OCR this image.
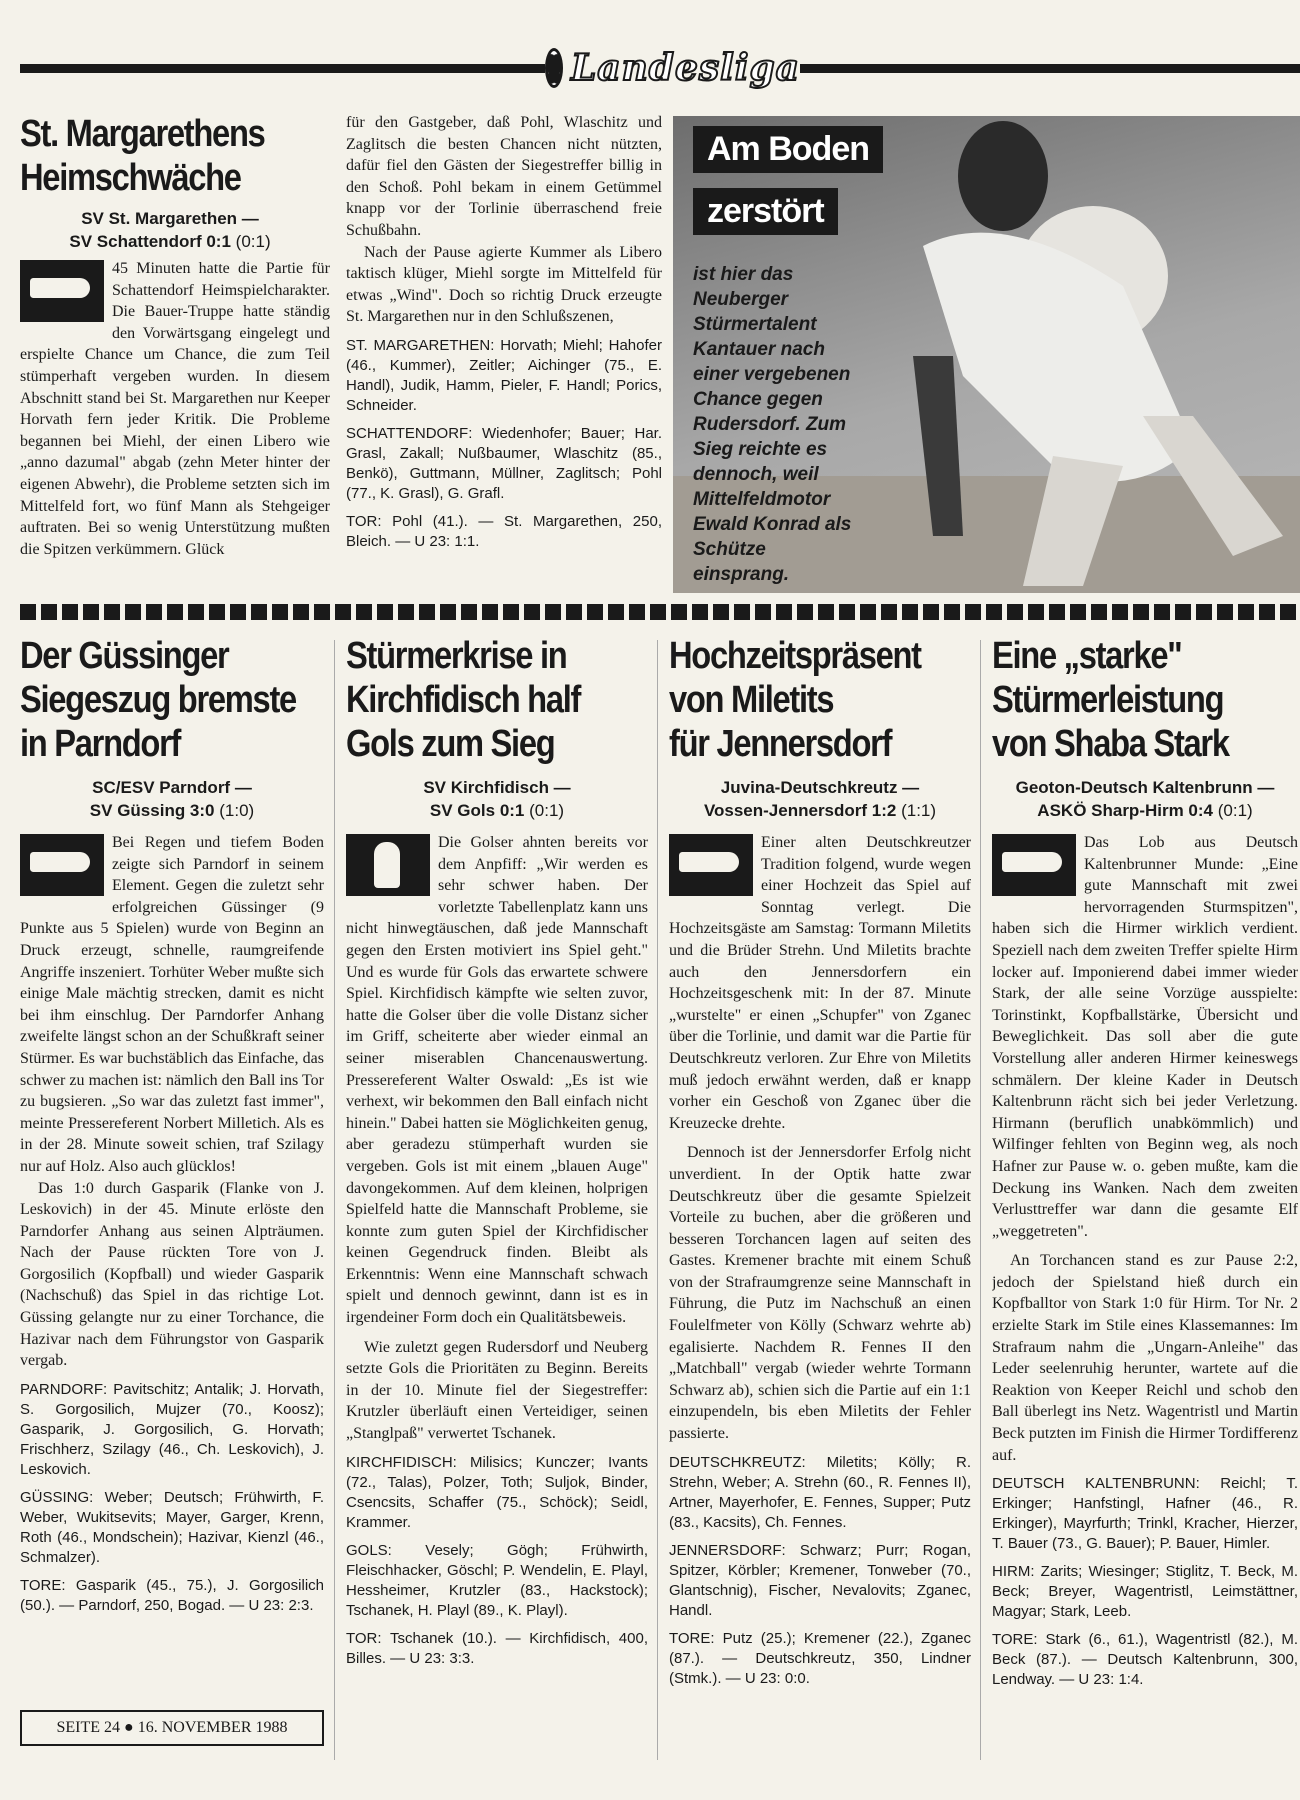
Landesliga
St. Margarethens
Heimschwäche
SV St. Margarethen —
SV Schattendorf 0:1 (0:1)

45 Minuten hatte die Partie für Schattendorf Heimspielcharakter. Die Bauer-Truppe hatte ständig den Vorwärtsgang eingelegt und erspielte Chance um Chance, die zum Teil stümperhaft vergeben wurden. In diesem Abschnitt stand bei St. Margarethen nur Keeper Horvath fern jeder Kritik. Die Probleme begannen bei Miehl, der einen Libero wie „anno dazumal" abgab (zehn Meter hinter der eigenen Abwehr), die Probleme setzten sich im Mittelfeld fort, wo fünf Mann als Stehgeiger auftraten. Bei so wenig Unterstützung mußten die Spitzen verkümmern. Glück

für den Gastgeber, daß Pohl, Wlaschitz und Zaglitsch die besten Chancen nicht nützten, dafür fiel den Gästen der Siegestreffer billig in den Schoß. Pohl bekam in einem Getümmel knapp vor der Torlinie überraschend freie Schußbahn.

Nach der Pause agierte Kummer als Libero taktisch klüger, Miehl sorgte im Mittelfeld für etwas „Wind". Doch so richtig Druck erzeugte St. Margarethen nur in den Schlußszenen,

ST. MARGARETHEN: Horvath; Miehl; Hahofer (46., Kummer), Zeitler; Aichinger (75., E. Handl), Judik, Hamm, Pieler, F. Handl; Porics, Schneider.
SCHATTENDORF: Wiedenhofer; Bauer; Har. Grasl, Zakall; Nußbaumer, Wlaschitz (85., Benkö), Guttmann, Müllner, Zaglitsch; Pohl (77., K. Grasl), G. Grafl.
TOR: Pohl (41.). — St. Margarethen, 250, Bleich. — U 23: 1:1.
Am Boden
zerstört
ist hier das Neuberger Stürmertalent Kantauer nach einer vergebenen Chance gegen Rudersdorf. Zum Sieg reichte es dennoch, weil Mittelfeldmotor Ewald Konrad als Schütze einsprang.
Der Güssinger
Siegeszug bremste
in Parndorf
SC/ESV Parndorf —
SV Güssing 3:0 (1:0)

Bei Regen und tiefem Boden zeigte sich Parndorf in seinem Element. Gegen die zuletzt sehr erfolgreichen Güssinger (9 Punkte aus 5 Spielen) wurde von Beginn an Druck erzeugt, schnelle, raumgreifende Angriffe inszeniert. Torhüter Weber mußte sich einige Male mächtig strecken, damit es nicht bei ihm einschlug. Der Parndorfer Anhang zweifelte längst schon an der Schußkraft seiner Stürmer. Es war buchstäblich das Einfache, das schwer zu machen ist: nämlich den Ball ins Tor zu bugsieren. „So war das zuletzt fast immer", meinte Pressereferent Norbert Milletich. Als es in der 28. Minute soweit schien, traf Szilagy nur auf Holz. Also auch glücklos!

Das 1:0 durch Gasparik (Flanke von J. Leskovich) in der 45. Minute erlöste den Parndorfer Anhang aus seinen Alpträumen. Nach der Pause rückten Tore von J. Gorgosilich (Kopfball) und wieder Gasparik (Nachschuß) das Spiel in das richtige Lot. Güssing gelangte nur zu einer Torchance, die Hazivar nach dem Führungstor von Gasparik vergab.

PARNDORF: Pavitschitz; Antalik; J. Horvath, S. Gorgosilich, Mujzer (70., Koosz); Gasparik, J. Gorgosilich, G. Horvath; Frischherz, Szilagy (46., Ch. Leskovich), J. Leskovich.
GÜSSING: Weber; Deutsch; Frühwirth, F. Weber, Wukitsevits; Mayer, Garger, Krenn, Roth (46., Mondschein); Hazivar, Kienzl (46., Schmalzer).
TORE: Gasparik (45., 75.), J. Gorgosilich (50.). — Parndorf, 250, Bogad. — U 23: 2:3.
Stürmerkrise in
Kirchfidisch half
Gols zum Sieg
SV Kirchfidisch —
SV Gols 0:1 (0:1)

Die Golser ahnten bereits vor dem Anpfiff: „Wir werden es sehr schwer haben. Der vorletzte Tabellenplatz kann uns nicht hinwegtäuschen, daß jede Mannschaft gegen den Ersten motiviert ins Spiel geht." Und es wurde für Gols das erwartete schwere Spiel. Kirchfidisch kämpfte wie selten zuvor, hatte die Golser über die volle Distanz sicher im Griff, scheiterte aber wieder einmal an seiner miserablen Chancenauswertung. Pressereferent Walter Oswald: „Es ist wie verhext, wir bekommen den Ball einfach nicht hinein." Dabei hatten sie Möglichkeiten genug, aber geradezu stümperhaft wurden sie vergeben. Gols ist mit einem „blauen Auge" davongekommen. Auf dem kleinen, holprigen Spielfeld hatte die Mannschaft Probleme, sie konnte zum guten Spiel der Kirchfidischer keinen Gegendruck finden. Bleibt als Erkenntnis: Wenn eine Mannschaft schwach spielt und dennoch gewinnt, dann ist es in irgendeiner Form doch ein Qualitätsbeweis.

Wie zuletzt gegen Rudersdorf und Neuberg setzte Gols die Prioritäten zu Beginn. Bereits in der 10. Minute fiel der Siegestreffer: Krutzler überläuft einen Verteidiger, seinen „Stanglpaß" verwertet Tschanek.

KIRCHFIDISCH: Milisics; Kunczer; Ivants (72., Talas), Polzer, Toth; Suljok, Binder, Csencsits, Schaffer (75., Schöck); Seidl, Krammer.
GOLS: Vesely; Gögh; Frühwirth, Fleischhacker, Göschl; P. Wendelin, E. Playl, Hessheimer, Krutzler (83., Hackstock); Tschanek, H. Playl (89., K. Playl).
TOR: Tschanek (10.). — Kirchfidisch, 400, Billes. — U 23: 3:3.
Hochzeitspräsent
von Miletits
für Jennersdorf
Juvina-Deutschkreutz —
Vossen-Jennersdorf 1:2 (1:1)

Einer alten Deutschkreutzer Tradition folgend, wurde wegen einer Hochzeit das Spiel auf Sonntag verlegt. Die Hochzeitsgäste am Samstag: Tormann Miletits und die Brüder Strehn. Und Miletits brachte auch den Jennersdorfern ein Hochzeitsgeschenk mit: In der 87. Minute „wurstelte" er einen „Schupfer" von Zganec über die Torlinie, und damit war die Partie für Deutschkreutz verloren. Zur Ehre von Miletits muß jedoch erwähnt werden, daß er knapp vorher ein Geschoß von Zganec über die Kreuzecke drehte.

Dennoch ist der Jennersdorfer Erfolg nicht unverdient. In der Optik hatte zwar Deutschkreutz über die gesamte Spielzeit Vorteile zu buchen, aber die größeren und besseren Torchancen lagen auf seiten des Gastes. Kremener brachte mit einem Schuß von der Strafraumgrenze seine Mannschaft in Führung, die Putz im Nachschuß an einen Foulelfmeter von Kölly (Schwarz wehrte ab) egalisierte. Nachdem R. Fennes II den „Matchball" vergab (wieder wehrte Tormann Schwarz ab), schien sich die Partie auf ein 1:1 einzupendeln, bis eben Miletits der Fehler passierte.

DEUTSCHKREUTZ: Miletits; Kölly; R. Strehn, Weber; A. Strehn (60., R. Fennes II), Artner, Mayerhofer, E. Fennes, Supper; Putz (83., Kacsits), Ch. Fennes.
JENNERSDORF: Schwarz; Purr; Rogan, Spitzer, Körbler; Kremener, Tonweber (70., Glantschnig), Fischer, Nevalovits; Zganec, Handl.
TORE: Putz (25.); Kremener (22.), Zganec (87.). — Deutschkreutz, 350, Lindner (Stmk.). — U 23: 0:0.
Eine „starke"
Stürmerleistung
von Shaba Stark
Geoton-Deutsch Kaltenbrunn —
ASKÖ Sharp-Hirm 0:4 (0:1)

Das Lob aus Deutsch Kaltenbrunner Munde: „Eine gute Mannschaft mit zwei hervorragenden Sturmspitzen", haben sich die Hirmer wirklich verdient. Speziell nach dem zweiten Treffer spielte Hirm locker auf. Imponierend dabei immer wieder Stark, der alle seine Vorzüge ausspielte: Torinstinkt, Kopfballstärke, Übersicht und Beweglichkeit. Das soll aber die gute Vorstellung aller anderen Hirmer keineswegs schmälern. Der kleine Kader in Deutsch Kaltenbrunn rächt sich bei jeder Verletzung. Hirmann (beruflich unabkömmlich) und Wilfinger fehlten von Beginn weg, als noch Hafner zur Pause w. o. geben mußte, kam die Deckung ins Wanken. Nach dem zweiten Verlusttreffer war dann die gesamte Elf „weggetreten".

An Torchancen stand es zur Pause 2:2, jedoch der Spielstand hieß durch ein Kopfballtor von Stark 1:0 für Hirm. Tor Nr. 2 erzielte Stark im Stile eines Klassemannes: Im Strafraum nahm die „Ungarn-Anleihe" das Leder seelenruhig herunter, wartete auf die Reaktion von Keeper Reichl und schob den Ball überlegt ins Netz. Wagentristl und Martin Beck putzten im Finish die Hirmer Tordifferenz auf.

DEUTSCH KALTENBRUNN: Reichl; T. Erkinger; Hanfstingl, Hafner (46., R. Erkinger), Mayrfurth; Trinkl, Kracher, Hierzer, T. Bauer (73., G. Bauer); P. Bauer, Himler.
HIRM: Zarits; Wiesinger; Stiglitz, T. Beck, M. Beck; Breyer, Wagentristl, Leimstättner, Magyar; Stark, Leeb.
TORE: Stark (6., 61.), Wagentristl (82.), M. Beck (87.). — Deutsch Kaltenbrunn, 300, Lendway. — U 23: 1:4.
SEITE 24 ● 16. NOVEMBER 1988
